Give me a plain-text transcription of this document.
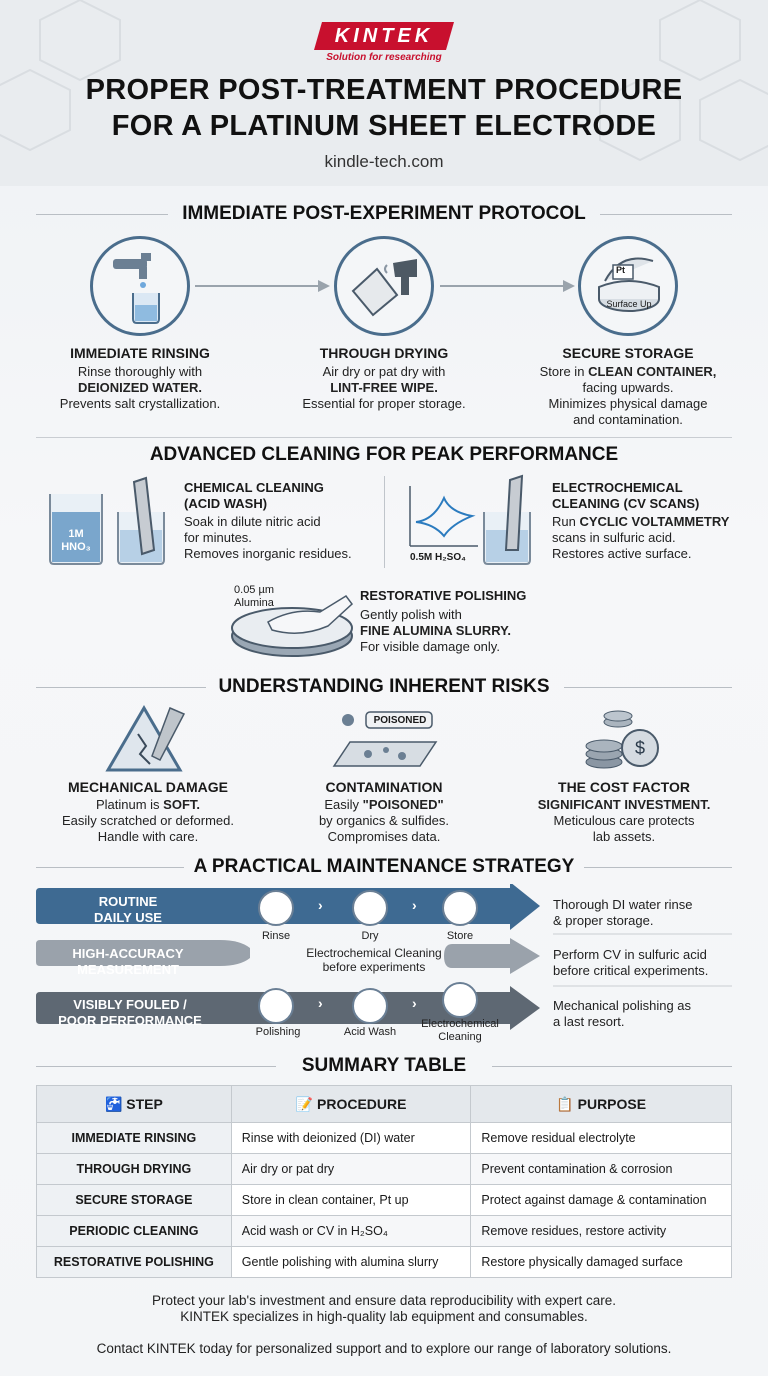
KINTEK
Solution for researching
PROPER POST-TREATMENT PROCEDURE
FOR A PLATINUM SHEET ELECTRODE
kindle-tech.com
IMMEDIATE POST-EXPERIMENT PROTOCOL
Pt
Surface Up
IMMEDIATE RINSING
Rinse thoroughly with
DEIONIZED WATER.
Prevents salt crystallization.
THROUGH DRYING
Air dry or pat dry with
LINT-FREE WIPE.
Essential for proper storage.
SECURE STORAGE
Store in CLEAN CONTAINER,
facing upwards.
Minimizes physical damage
and contamination.
ADVANCED CLEANING FOR PEAK PERFORMANCE
1M
HNO₃
CHEMICAL CLEANING
(ACID WASH)
Soak in dilute nitric acid
for minutes.
Removes inorganic residues.	0.5M H₂SO₄
ELECTROCHEMICAL
CLEANING (CV SCANS)
Run CYCLIC VOLTAMMETRY
scans in sulfuric acid.
Restores active surface.
0.05 µm
Alumina	RESTORATIVE POLISHING
Gently polish with
FINE ALUMINA SLURRY.
For visible damage only.
UNDERSTANDING INHERENT RISKS
POISONED
$
MECHANICAL DAMAGE
Platinum is SOFT.
Easily scratched or deformed.
Handle with care.
CONTAMINATION
Easily "POISONED"
by organics & sulfides.
Compromises data.
THE COST FACTOR
SIGNIFICANT INVESTMENT.
Meticulous care protects
lab assets.
A PRACTICAL MAINTENANCE STRATEGY
ROUTINE
DAILY USE
›	›
Rinse	Dry	Store
Thorough DI water rinse
& proper storage.
HIGH-ACCURACY
MEASUREMENT
Electrochemical Cleaning
before experiments
Perform CV in sulfuric acid
before critical experiments.
VISIBLY FOULED /
POOR PERFORMANCE
›	›
Polishing	Acid Wash
Electrochemical
Cleaning
Mechanical polishing as
a last resort.
SUMMARY TABLE
🚰 STEP	📝 PROCEDURE	📋 PURPOSE
IMMEDIATE RINSING	Rinse with deionized (DI) water	Remove residual electrolyte
THROUGH DRYING	Air dry or pat dry	Prevent contamination & corrosion
SECURE STORAGE	Store in clean container, Pt up	Protect against damage & contamination
PERIODIC CLEANING	Acid wash or CV in H₂SO₄	Remove residues, restore activity
RESTORATIVE POLISHING	Gentle polishing with alumina slurry	Restore physically damaged surface
Protect your lab's investment and ensure data reproducibility with expert care.
KINTEK specializes in high-quality lab equipment and consumables.
Contact KINTEK today for personalized support and to explore our range of laboratory solutions.
